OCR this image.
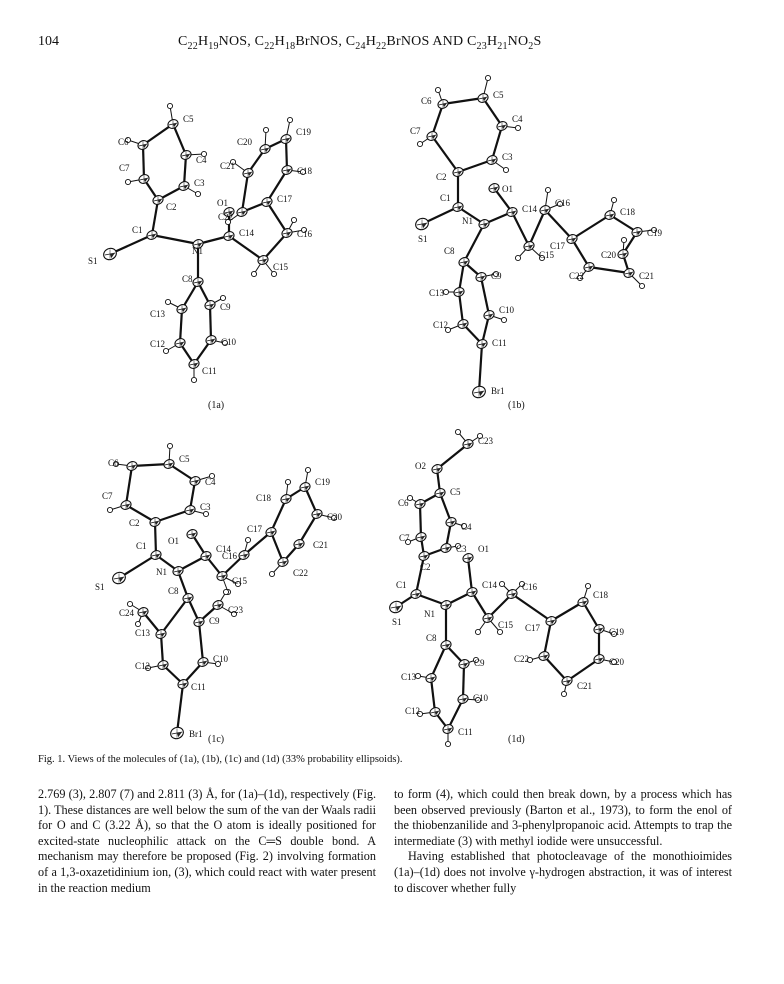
104	$C_{22}H_{19}NOS$, $C_{22}H_{18}BrNOS$, $C_{24}H_{22}BrNOS$ AND $C_{23}H_{21}NO_2S$
C5
C6
C4
C7
C3
C2
C1
S1
N1
C8
C9
C13
C10
C12
C11
O1
C14
C15
C16
C17
C22
C18
C21
C19
C20
(1a)
C6
C5
C4
C7
C3
C2
O1
C1
S1
N1
C14
C16
C15
C17
C18
C19
C20
C21
C22
C8
C9
C13
C10
C12
C11
Br1
(1b)
C5
C6
C4
C7
C3
C2
O1
C1
S1
N1
C14
C16
C15
C17
C18
C19
C20
C21
C22
C8
C9
C23
C13
C24
C10
C12
C11
Br1 (1c)
O2
C23
C5
C6
C4
C7
C3
C2
O1
C1
S1
N1
C14
C15
C16
C17
C18
C19
C20
C21
C22
C8
C9
C13
C10
C12
C11
(1d)
Fig. 1. Views of the molecules of (1a), (1b), (1c) and (1d) (33% probability ellipsoids).

2.769 (3), 2.807 (7) and 2.811 (3) Å, for (1a)–(1d), respectively (Fig. 1). These distances are well below the sum of the van der Waals radii for O and C (3.22 Å), so that the O atom is ideally positioned for excited-state nucleophilic attack on the C═S double bond. A mechanism may therefore be proposed (Fig. 2) involving formation of a 1,3-oxazetidinium ion, (3), which could react with water present in the reaction medium

to form (4), which could then break down, by a process which has been observed previously (Barton et al., 1973), to form the enol of the thiobenzanilide and 3-phenylpropanoic acid. Attempts to trap the intermediate (3) with methyl iodide were unsuccessful.

Having established that photocleavage of the monothioimides (1a)–(1d) does not involve γ-hydrogen abstraction, it was of interest to discover whether fully
